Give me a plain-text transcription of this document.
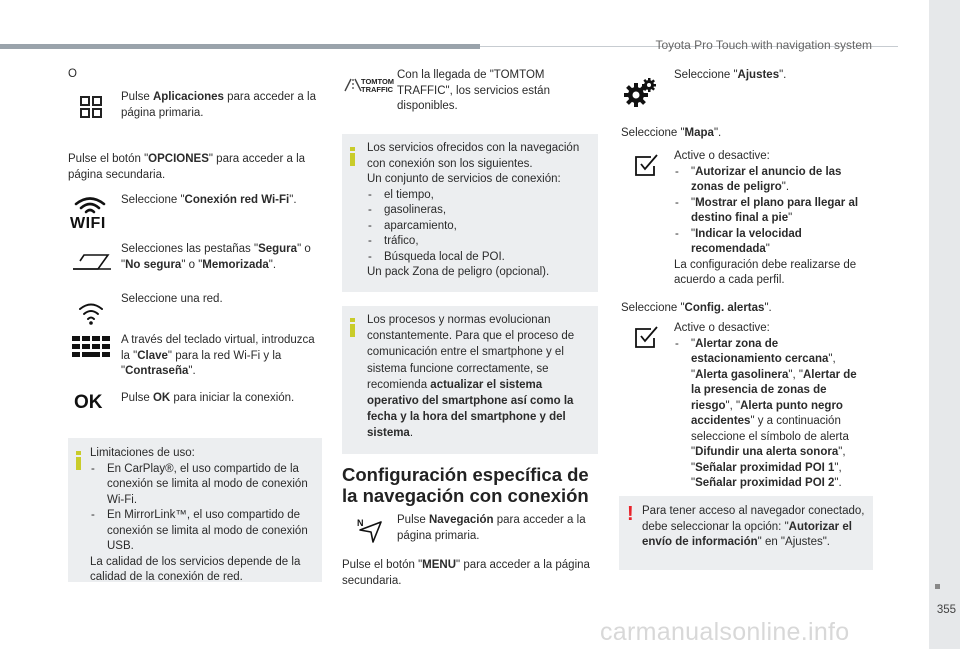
Toyota Pro Touch with navigation system
355
carmanualsonline.info
O
Pulse Aplicaciones para acceder a la página primaria.
Pulse el botón "OPCIONES" para acceder a la página secundaria.
WIFI
Seleccione "Conexión red Wi-Fi".
Selecciones las pestañas "Segura" o "No segura" o "Memorizada".
Seleccione una red.
A través del teclado virtual, introduzca la "Clave" para la red Wi-Fi y la "Contraseña".
OK Pulse OK para iniciar la conexión.
Limitaciones de uso:
- En CarPlay®, el uso compartido de la conexión se limita al modo de conexión Wi-Fi.
- En MirrorLink™, el uso compartido de conexión se limita al modo de conexión USB.
La calidad de los servicios depende de la calidad de la conexión de red.
TOMTOM
TRAFFIC
Con la llegada de "TOMTOM TRAFFIC", los servicios están disponibles.
Los servicios ofrecidos con la navegación con conexión son los siguientes.
Un conjunto de servicios de conexión:
- el tiempo,
- gasolineras,
- aparcamiento,
- tráfico,
- Búsqueda local de POI.
Un pack Zona de peligro (opcional).
Los procesos y normas evolucionan constantemente. Para que el proceso de comunicación entre el smartphone y el sistema funcione correctamente, se recomienda actualizar el sistema operativo del smartphone así como la fecha y la hora del smartphone y del sistema.
Configuración específica de la navegación con conexión
N	Pulse Navegación para acceder a la página primaria.
Pulse el botón "MENU" para acceder a la página secundaria.
Seleccione "Ajustes".
Seleccione "Mapa".
Active o desactive:
- "Autorizar el anuncio de las zonas de peligro".
- "Mostrar el plano para llegar al destino final a pie"
- "Indicar la velocidad recomendada"
La configuración debe realizarse de acuerdo a cada perfil.
Seleccione "Config. alertas".
Active o desactive:
- "Alertar zona de estacionamiento cercana", "Alerta gasolinera", "Alertar de la presencia de zonas de riesgo", "Alerta punto negro accidentes" y a continuación seleccione el símbolo de alerta "Difundir una alerta sonora", "Señalar proximidad POI 1", "Señalar proximidad POI 2".
! Para tener acceso al navegador conectado, debe seleccionar la opción: "Autorizar el envío de información" en "Ajustes".
